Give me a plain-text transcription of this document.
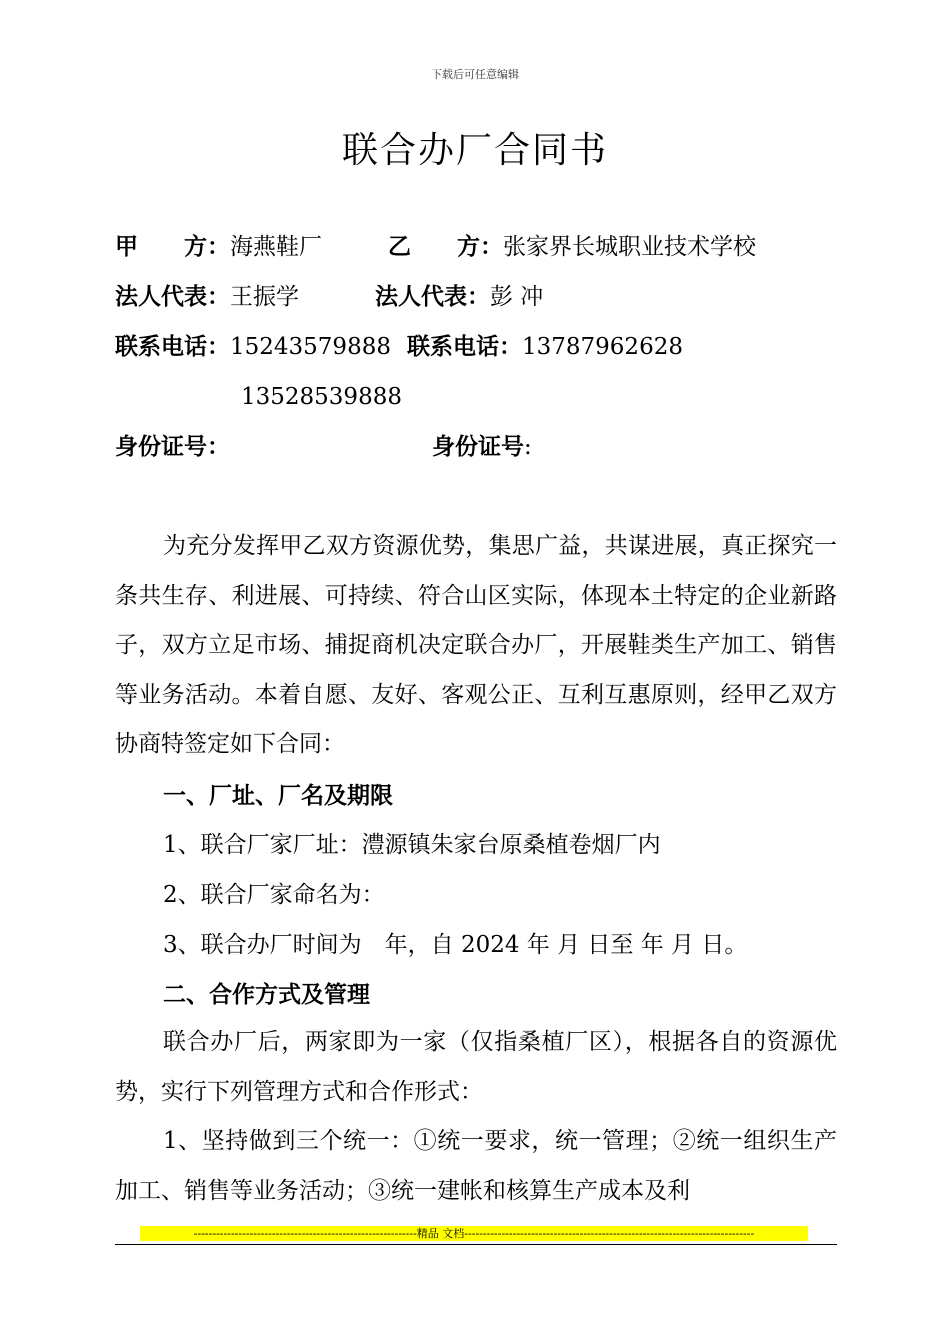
下载后可任意编辑
联合办厂合同书
甲　　方：海燕鞋厂	乙　　方：张家界长城职业技术学校
法人代表：王振学	法人代表：彭 冲
联系电话：15243579888 联系电话：13787962628
13528539888
身份证号：	身份证号:
为充分发挥甲乙双方资源优势，集思广益，共谋进展，真正探究一条共生存、利进展、可持续、符合山区实际，体现本土特定的企业新路子，双方立足市场、捕捉商机决定联合办厂，开展鞋类生产加工、销售等业务活动。本着自愿、友好、客观公正、互利互惠原则，经甲乙双方协商特签定如下合同：
一、厂址、厂名及期限
1、联合厂家厂址：澧源镇朱家台原桑植卷烟厂内
2、联合厂家命名为：
3、联合办厂时间为　年，自 2024 年 月 日至 年 月 日。
二、合作方式及管理
联合办厂后，两家即为一家（仅指桑植厂区），根据各自的资源优势，实行下列管理方式和合作形式：
1、坚持做到三个统一：①统一要求，统一管理；②统一组织生产加工、销售等业务活动；③统一建帐和核算生产成本及利
------------------------------------------------------------精品 文档------------------------------------------------------------------------------
